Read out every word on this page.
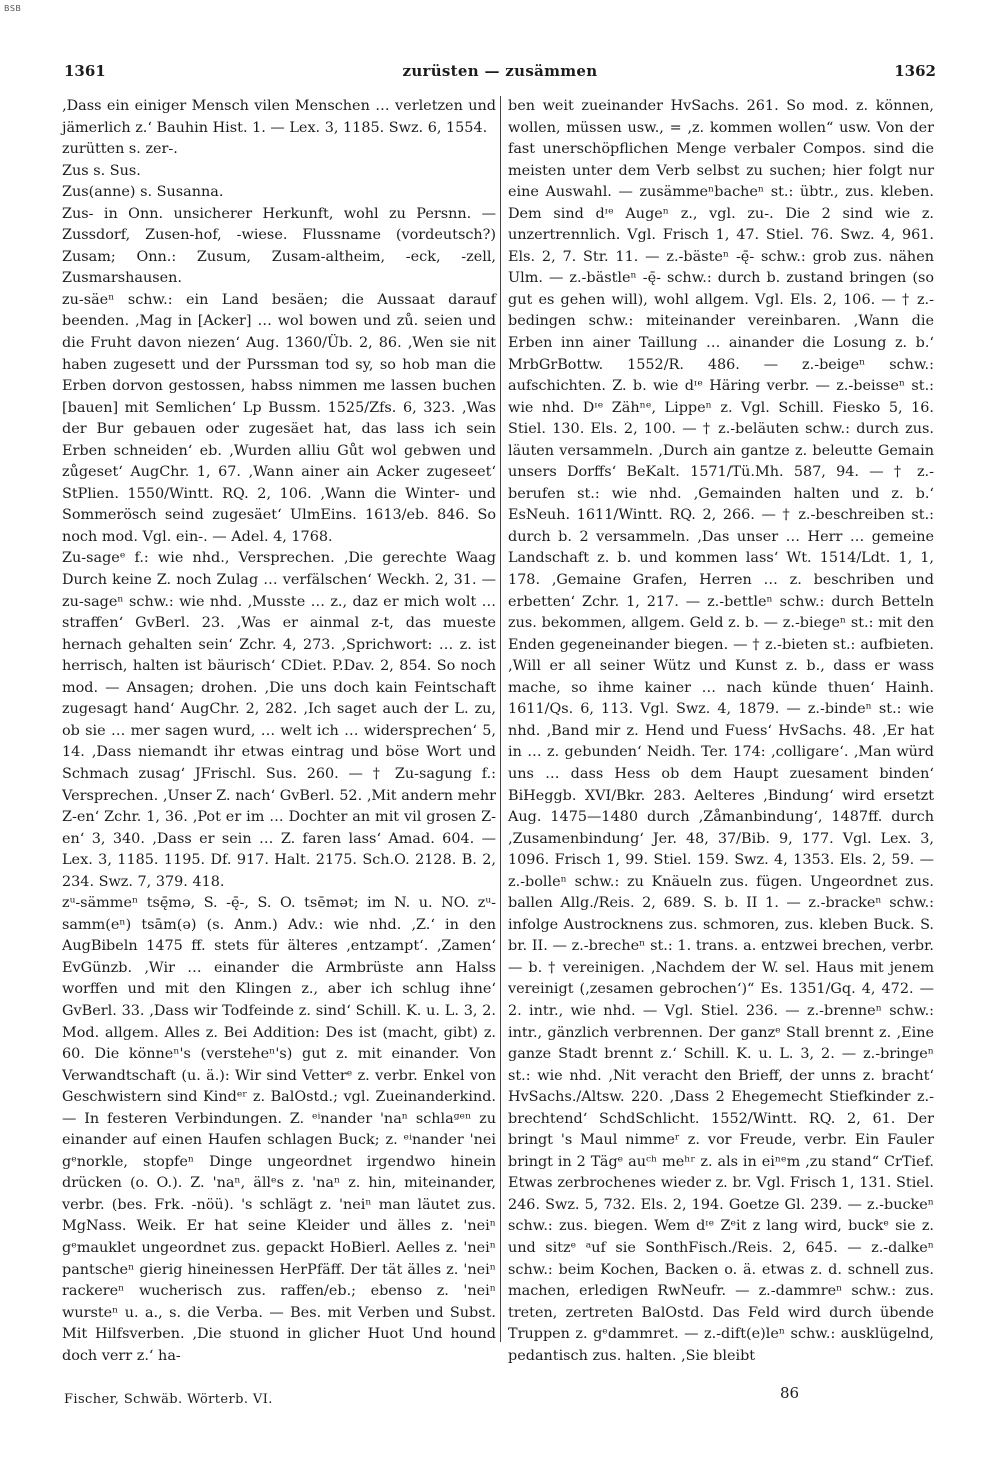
BSB
1361	zurüsten — zusämmen	1362

‚Dass ein einiger Mensch vilen Menschen … verletzen und jämerlich z.‘ Bauhin Hist. 1. — Lex. 3, 1185. Swz. 6, 1554.

zurütten s. zer-.

Zus s. Sus.

Zus(anne) s. Susanna.

Zus- in Onn. unsicherer Herkunft, wohl zu Persnn. — Zussdorf, Zusen-hof, -wiese. Flussname (vordeutsch?) Zusam; Onn.: Zusum, Zusam-altheim, -eck, -zell, Zusmarshausen.

zu-säeⁿ schw.: ein Land besäen; die Aussaat darauf beenden. ‚Mag in [Acker] … wol bowen und zů. seien und die Fruht davon niezen‘ Aug. 1360/Üb. 2, 86. ‚Wen sie nit haben zugesett und der Purssman tod sy, so hob man die Erben dorvon gestossen, habss nimmen me lassen buchen [bauen] mit Semlichen‘ Lp Bussm. 1525/Zfs. 6, 323. ‚Was der Bur gebauen oder zugesäet hat, das lass ich sein Erben schneiden‘ eb. ‚Wurden alliu Gůt wol gebwen und zůgeset‘ AugChr. 1, 67. ‚Wann ainer ain Acker zugeseet‘ StPlien. 1550/Wintt. RQ. 2, 106. ‚Wann die Winter- und Sommerösch seind zugesäet‘ UlmEins. 1613/eb. 846. So noch mod. Vgl. ein-. — Adel. 4, 1768.

Zu-sageᵉ f.: wie nhd., Versprechen. ‚Die gerechte Waag Durch keine Z. noch Zulag … verfälschen‘ Weckh. 2, 31. — zu-sageⁿ schw.: wie nhd. ‚Musste … z., daz er mich wolt … straffen‘ GvBerl. 23. ‚Was er ainmal z-t, das mueste hernach gehalten sein‘ Zchr. 4, 273. ‚Sprichwort: … z. ist herrisch, halten ist bäurisch‘ CDiet. P.Dav. 2, 854. So noch mod. — Ansagen; drohen. ‚Die uns doch kain Feintschaft zugesagt hand‘ AugChr. 2, 282. ‚Ich saget auch der L. zu, ob sie … mer sagen wurd, … welt ich … widersprechen‘ 5, 14. ‚Dass niemandt ihr etwas eintrag und böse Wort und Schmach zusag‘ JFrischl. Sus. 260. — † Zu-sagung f.: Versprechen. ‚Unser Z. nach‘ GvBerl. 52. ‚Mit andern mehr Z-en‘ Zchr. 1, 36. ‚Pot er im … Dochter an mit vil grosen Z-en‘ 3, 340. ‚Dass er sein … Z. faren lass‘ Amad. 604. — Lex. 3, 1185. 1195. Df. 917. Halt. 2175. Sch.O. 2128. B. 2, 234. Swz. 7, 379. 418.

zᵘ-sämmeⁿ tsę̄mə, S. -ę̄-, S. O. tsēmət; im N. u. NO. zᵘ-samm(eⁿ) tsām(ə) (s. Anm.) Adv.: wie nhd. ‚Z.‘ in den AugBibeln 1475 ff. stets für älteres ‚entzampt‘. ‚Zamen‘ EvGünzb. ‚Wir … einander die Armbrüste ann Halss worffen und mit den Klingen z., aber ich schlug ihne‘ GvBerl. 33. ‚Dass wir Todfeinde z. sind‘ Schill. K. u. L. 3, 2. Mod. allgem. Alles z. Bei Addition: Des ist (macht, gibt) z. 60. Die könneⁿ's (verstehеⁿ's) gut z. mit einander. Von Verwandtschaft (u. ä.): Wir sind Vetterᵉ z. verbr. Enkel von Geschwistern sind Kindᵉʳ z. BalOstd.; vgl. Zueinanderkind. — In festeren Verbindungen. Z. ᵉⁱnander 'naⁿ schlaᵍᵉⁿ zu einander auf einen Haufen schlagen Buck; z. ᵉⁱnander 'nei gᵉnorkle, stopfeⁿ Dinge ungeordnet irgendwo hinein drücken (o. O.). Z. 'naⁿ, ällᵉs z. 'naⁿ z. hin, miteinander, verbr. (bes. Frk. -nöü). 's schlägt z. 'neiⁿ man läutet zus. MgNass. Weik. Er hat seine Kleider und älles z. 'neiⁿ gᵉmauklet ungeordnet zus. gepackt HoBierl. Aelles z. 'neiⁿ pantscheⁿ gierig hineinessen HerPfäff. Der tät älles z. 'neiⁿ rackereⁿ wucherisch zus. raffen/eb.; ebenso z. 'neiⁿ wursteⁿ u. a., s. die Verba. — Bes. mit Verben und Subst. Mit Hilfsverben. ‚Die stuond in glicher Huot Und hound doch verr z.‘ ha-

ben weit zueinander HvSachs. 261. So mod. z. können, wollen, müssen usw., = ‚z. kommen wollen“ usw. Von der fast unerschöpflichen Menge verbaler Compos. sind die meisten unter dem Verb selbst zu suchen; hier folgt nur eine Auswahl. — zusämmeⁿbacheⁿ st.: übtr., zus. kleben. Dem sind dᶦᵉ Augeⁿ z., vgl. zu-. Die 2 sind wie z. unzertrennlich. Vgl. Frisch 1, 47. Stiel. 76. Swz. 4, 961. Els. 2, 7. Str. 11. — z.-bästeⁿ -ę̄- schw.: grob zus. nähen Ulm. — z.-bästleⁿ -ę̄- schw.: durch b. zustand bringen (so gut es gehen will), wohl allgem. Vgl. Els. 2, 106. — † z.-bedingen schw.: miteinander vereinbaren. ‚Wann die Erben inn ainer Taillung … ainander die Losung z. b.‘ MrbGrBottw. 1552/R. 486. — z.-beigeⁿ schw.: aufschichten. Z. b. wie dᶦᵉ Häring verbr. — z.-beisseⁿ st.: wie nhd. Dᶦᵉ Zähⁿᵉ, Lippeⁿ z. Vgl. Schill. Fiesko 5, 16. Stiel. 130. Els. 2, 100. — † z.-beläuten schw.: durch zus. läuten versammeln. ‚Durch ain gantze z. beleutte Gemain unsers Dorffs‘ BeKalt. 1571/Tü.Mh. 587, 94. — † z.-berufen st.: wie nhd. ‚Gemainden halten und z. b.‘ EsNeuh. 1611/Wintt. RQ. 2, 266. — † z.-beschreiben st.: durch b. 2 versammeln. ‚Das unser … Herr … gemeine Landschaft z. b. und kommen lass‘ Wt. 1514/Ldt. 1, 1, 178. ‚Gemaine Grafen, Herren … z. beschriben und erbetten‘ Zchr. 1, 217. — z.-bettleⁿ schw.: durch Betteln zus. bekommen, allgem. Geld z. b. — z.-biegeⁿ st.: mit den Enden gegeneinander biegen. — † z.-bieten st.: aufbieten. ‚Will er all seiner Wütz und Kunst z. b., dass er wass mache, so ihme kainer … nach künde thuen‘ Hainh. 1611/Qs. 6, 113. Vgl. Swz. 4, 1879. — z.-bindeⁿ st.: wie nhd. ‚Band mir z. Hend und Fuess‘ HvSachs. 48. ‚Er hat in … z. gebunden‘ Neidh. Ter. 174: ‚colligare‘. ‚Man würd uns … dass Hess ob dem Haupt zuesament binden‘ BiHeggb. XVI/Bkr. 283. Aelteres ‚Bindung‘ wird ersetzt Aug. 1475—1480 durch ‚Zåmanbindung‘, 1487ff. durch ‚Zusamenbindung‘ Jer. 48, 37/Bib. 9, 177. Vgl. Lex. 3, 1096. Frisch 1, 99. Stiel. 159. Swz. 4, 1353. Els. 2, 59. — z.-bolleⁿ schw.: zu Knäueln zus. fügen. Ungeordnet zus. ballen Allg./Reis. 2, 689. S. b. II 1. — z.-brackeⁿ schw.: infolge Austrocknens zus. schmoren, zus. kleben Buck. S. br. II. — z.-brecheⁿ st.: 1. trans. a. entzwei brechen, verbr. — b. † vereinigen. ‚Nachdem der W. sel. Haus mit jenem vereinigt (‚zesamen gebrochen‘)“ Es. 1351/Gq. 4, 472. — 2. intr., wie nhd. — Vgl. Stiel. 236. — z.-brenneⁿ schw.: intr., gänzlich verbrennen. Der ganzᵉ Stall brennt z. ‚Eine ganze Stadt brennt z.‘ Schill. K. u. L. 3, 2. — z.-bringeⁿ st.: wie nhd. ‚Nit veracht den Brieff, der unns z. bracht‘ HvSachs./Altsw. 220. ‚Dass 2 Ehegemecht Stiefkinder z.-brechtend‘ SchdSchlicht. 1552/Wintt. RQ. 2, 61. Der bringt 's Maul nimmeʳ z. vor Freude, verbr. Ein Fauler bringt in 2 Tägᵉ auᶜʰ meʰʳ z. als in eiⁿᵉm ‚zu stand“ CrTief. Etwas zerbrochenes wieder z. br. Vgl. Frisch 1, 131. Stiel. 246. Swz. 5, 732. Els. 2, 194. Goetze Gl. 239. — z.-buckeⁿ schw.: zus. biegen. Wem dᶦᵉ Zᵉit z lang wird, buckᵉ sie z. und sitzᵉ ᵃuf sie SonthFisch./Reis. 2, 645. — z.-dalkeⁿ schw.: beim Kochen, Backen o. ä. etwas z. d. schnell zus. machen, erledigen RwNeufr. — z.-dammreⁿ schw.: zus. treten, zertreten BalOstd. Das Feld wird durch übende Truppen z. gᵉdammret. — z.-dift(e)leⁿ schw.: ausklügelnd, pedantisch zus. halten. ‚Sie bleibt

Fischer, Schwäb. Wörterb. VI.	86
